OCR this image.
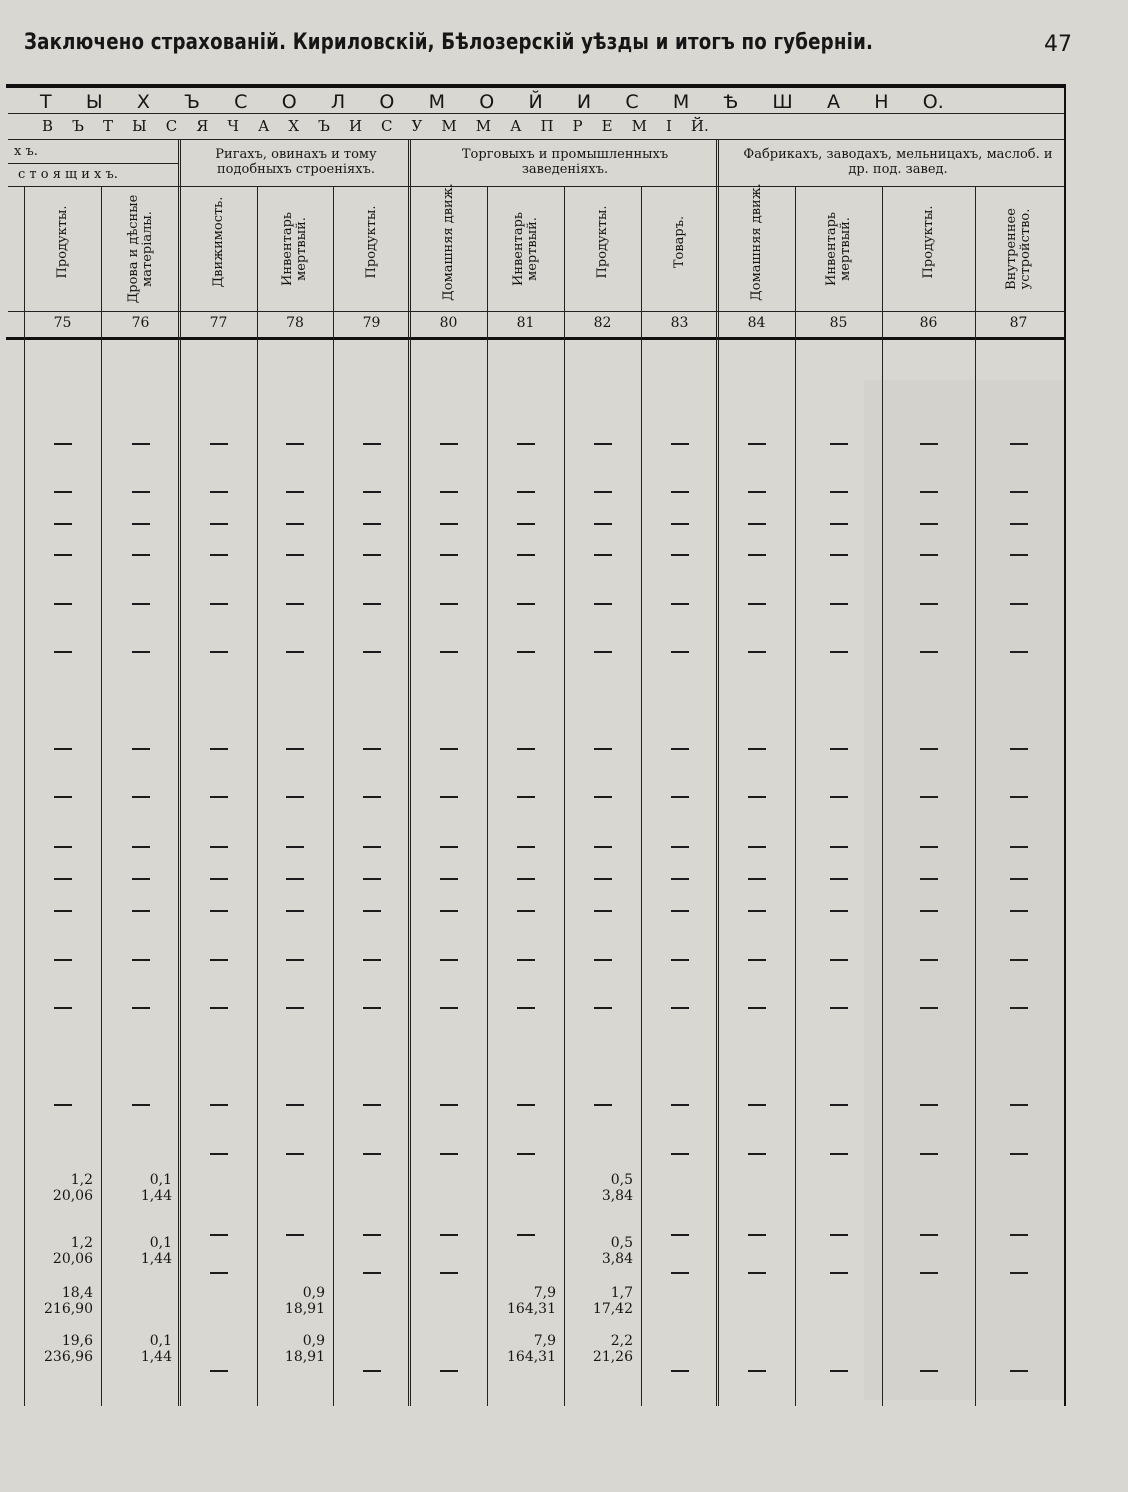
Заключено страхованій. Кириловскій, Бѣлозерскій уѣзды и итогъ по губерніи.	47
Т Ы Х Ъ С О Л О М О Й И С М Ѣ Ш А Н О.
В Ъ Т Ы С Я Ч А Х Ъ И С У М М А П Р Е М І Й.
х ъ.
с т о я щ и х ъ.
Ригахъ, овинахъ и тому подобныхъ строеніяхъ.
Торговыхъ и промышленныхъ заведеніяхъ.
Фабрикахъ, заводахъ, мельницахъ, маслоб. и др. под. завед.
Продукты.
75
Дрова и дѣсные
матеріалы.
76
Движимость.
77
Инвентарь
мертвый.
78
Продукты.
79
Домашняя движ.
80
Инвентарь
мертвый.
81
Продукты.
82
Товаръ.
83
Домашняя движ.
84
Инвентарь
мертвый.
85
Продукты.
86
Внутреннее
устройство.
87
1,2
20,06
0,1
1,44
0,5
3,84
1,2
20,06
0,1
1,44
0,5
3,84
18,4
216,90
0,9
18,91
7,9
164,31
1,7
17,42
19,6
236,96
0,1
1,44
0,9
18,91
7,9
164,31
2,2
21,26
